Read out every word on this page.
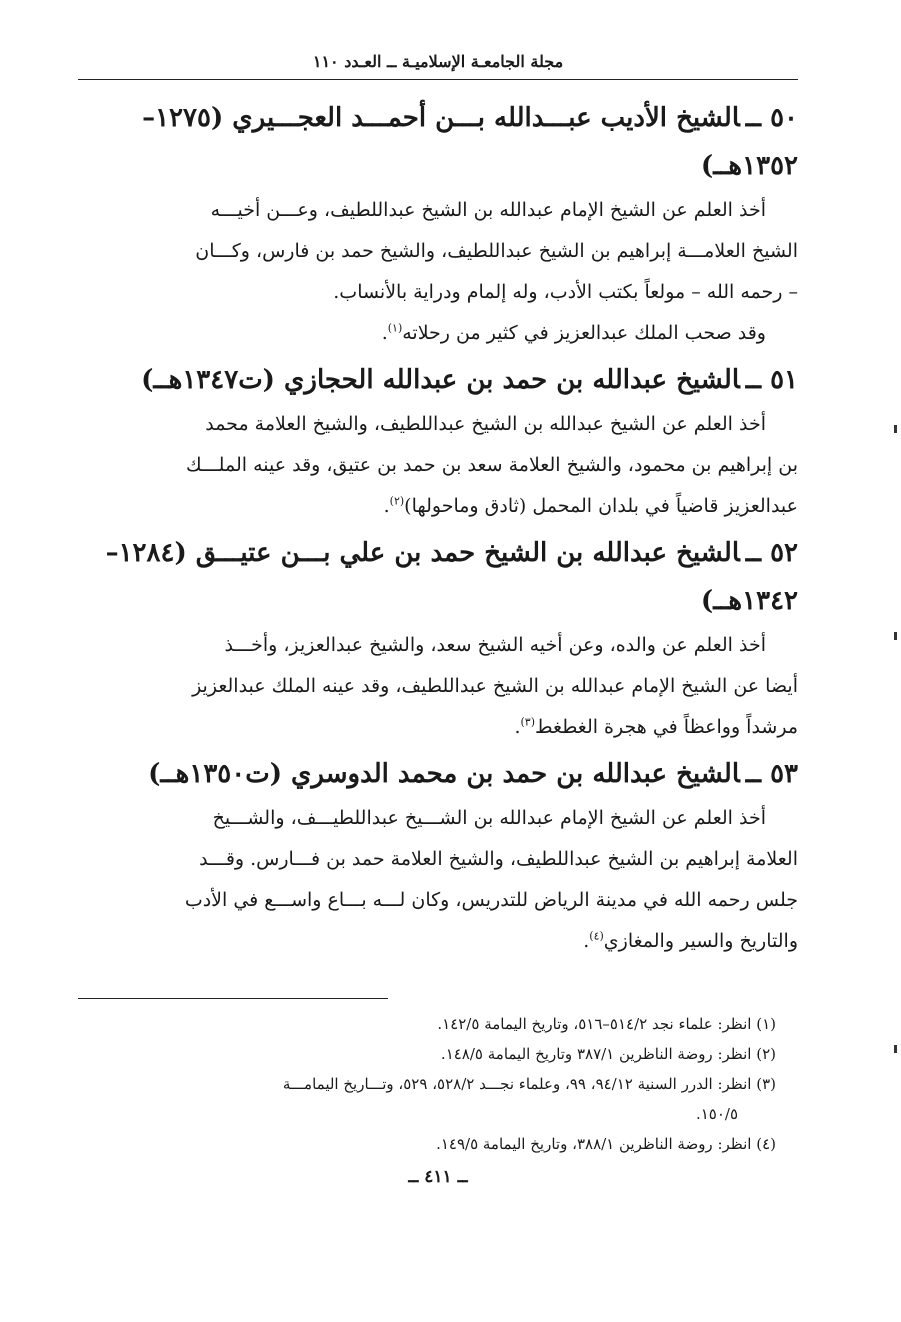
مجلة الجامعـة الإسلاميـة ــ العـدد ١١٠
٥٠ ــالشيخ الأديب عبـــدالله بـــن أحمـــد العجـــيري (١٢٧٥–
١٣٥٢هــ)

أخذ العلم عن الشيخ الإمام عبدالله بن الشيخ عبداللطيف، وعـــن أخيـــه
الشيخ العلامـــة إبراهيم بن الشيخ عبداللطيف، والشيخ حمد بن فارس، وكـــان
– رحمه الله – مولعاً بكتب الأدب، وله إلمام ودراية بالأنساب.
وقد صحب الملك عبدالعزيز في كثير من رحلاته$^{(١)}$.

٥١ ــالشيخ عبدالله بن حمد بن عبدالله الحجازي (ت١٣٤٧هــ)

أخذ العلم عن الشيخ عبدالله بن الشيخ عبداللطيف، والشيخ العلامة محمد
بن إبراهيم بن محمود، والشيخ العلامة سعد بن حمد بن عتيق، وقد عينه الملـــك
عبدالعزيز قاضياً في بلدان المحمل (ثادق وماحولها)$^{(٢)}$.

٥٢ ــالشيخ عبدالله بن الشيخ حمد بن علي بـــن عتيـــق (١٢٨٤–
١٣٤٢هــ)

أخذ العلم عن والده، وعن أخيه الشيخ سعد، والشيخ عبدالعزيز، وأخـــذ
أيضا عن الشيخ الإمام عبدالله بن الشيخ عبداللطيف، وقد عينه الملك عبدالعزيز
مرشداً وواعظاً في هجرة الغطغط$^{(٣)}$.

٥٣ ــالشيخ عبدالله بن حمد بن محمد الدوسري (ت١٣٥٠هــ)

أخذ العلم عن الشيخ الإمام عبدالله بن الشـــيخ عبداللطيـــف، والشـــيخ
العلامة إبراهيم بن الشيخ عبداللطيف، والشيخ العلامة حمد بن فـــارس. وقـــد
جلس رحمه الله في مدينة الرياض للتدريس، وكان لـــه بـــاع واســـع في الأدب
والتاريخ والسير والمغازي$^{(٤)}$.

(١) انظر: علماء نجد ٥١٤/٢–٥١٦، وتاريخ اليمامة ١٤٢/٥.
(٢) انظر: روضة الناظرين ٣٨٧/١ وتاريخ اليمامة ١٤٨/٥.
(٣) انظر: الدرر السنية ٩٤/١٢، ٩٩، وعلماء نجـــد ٥٢٨/٢، ٥٢٩، وتـــاريخ اليمامـــة
١٥٠/٥.
(٤) انظر: روضة الناظرين ٣٨٨/١، وتاريخ اليمامة ١٤٩/٥.
ــ ٤١١ ــ
